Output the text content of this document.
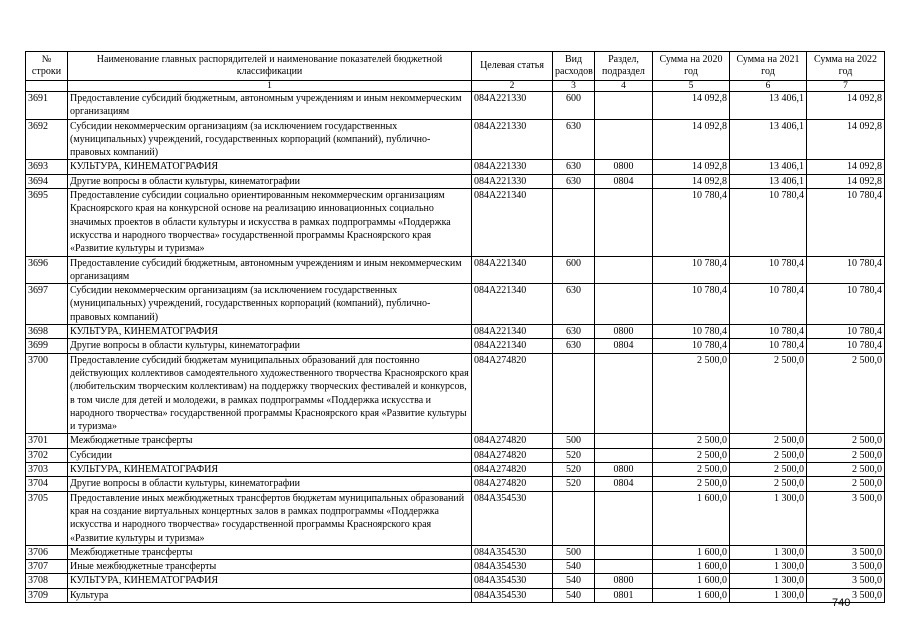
№ строки	Наименование главных распорядителей и наименование показателей бюджетной классификации	Целевая статья	Вид расходов	Раздел, подраздел	Сумма на 2020 год	Сумма на 2021 год	Сумма на 2022 год
	1	2	3	4	5	6	7
3691	Предоставление субсидий бюджетным, автономным учреждениям и иным некоммерческим организациям	084А221330	600		14 092,8	13 406,1	14 092,8
3692	Субсидии некоммерческим организациям (за исключением государственных (муниципальных) учреждений, государственных корпораций (компаний), публично-правовых компаний)	084А221330	630		14 092,8	13 406,1	14 092,8
3693	КУЛЬТУРА, КИНЕМАТОГРАФИЯ	084А221330	630	0800	14 092,8	13 406,1	14 092,8
3694	Другие вопросы в области культуры, кинематографии	084А221330	630	0804	14 092,8	13 406,1	14 092,8
3695	Предоставление субсидии социально ориентированным некоммерческим организациям Красноярского края на конкурсной основе на реализацию инновационных социально значимых проектов в области культуры и искусства в рамках подпрограммы «Поддержка искусства и народного творчества» государственной программы Красноярского края «Развитие культуры и туризма»	084А221340			10 780,4	10 780,4	10 780,4
3696	Предоставление субсидий бюджетным, автономным учреждениям и иным некоммерческим организациям	084А221340	600		10 780,4	10 780,4	10 780,4
3697	Субсидии некоммерческим организациям (за исключением государственных (муниципальных) учреждений, государственных корпораций (компаний), публично-правовых компаний)	084А221340	630		10 780,4	10 780,4	10 780,4
3698	КУЛЬТУРА, КИНЕМАТОГРАФИЯ	084А221340	630	0800	10 780,4	10 780,4	10 780,4
3699	Другие вопросы в области культуры, кинематографии	084А221340	630	0804	10 780,4	10 780,4	10 780,4
3700	Предоставление субсидий бюджетам муниципальных образований для постоянно действующих коллективов самодеятельного художественного творчества Красноярского края (любительским творческим коллективам) на поддержку творческих фестивалей и конкурсов, в том числе для детей и молодежи, в рамках подпрограммы «Поддержка искусства и народного творчества» государственной программы Красноярского края «Развитие культуры и туризма»	084А274820			2 500,0	2 500,0	2 500,0
3701	Межбюджетные трансферты	084А274820	500		2 500,0	2 500,0	2 500,0
3702	Субсидии	084А274820	520		2 500,0	2 500,0	2 500,0
3703	КУЛЬТУРА, КИНЕМАТОГРАФИЯ	084А274820	520	0800	2 500,0	2 500,0	2 500,0
3704	Другие вопросы в области культуры, кинематографии	084А274820	520	0804	2 500,0	2 500,0	2 500,0
3705	Предоставление иных межбюджетных трансфертов бюджетам муниципальных образований края на создание виртуальных концертных залов в рамках подпрограммы «Поддержка искусства и народного творчества» государственной программы Красноярского края «Развитие культуры и туризма»	084А354530			1 600,0	1 300,0	3 500,0
3706	Межбюджетные трансферты	084А354530	500		1 600,0	1 300,0	3 500,0
3707	Иные межбюджетные трансферты	084А354530	540		1 600,0	1 300,0	3 500,0
3708	КУЛЬТУРА, КИНЕМАТОГРАФИЯ	084А354530	540	0800	1 600,0	1 300,0	3 500,0
3709	Культура	084А354530	540	0801	1 600,0	1 300,0	3 500,0
740
